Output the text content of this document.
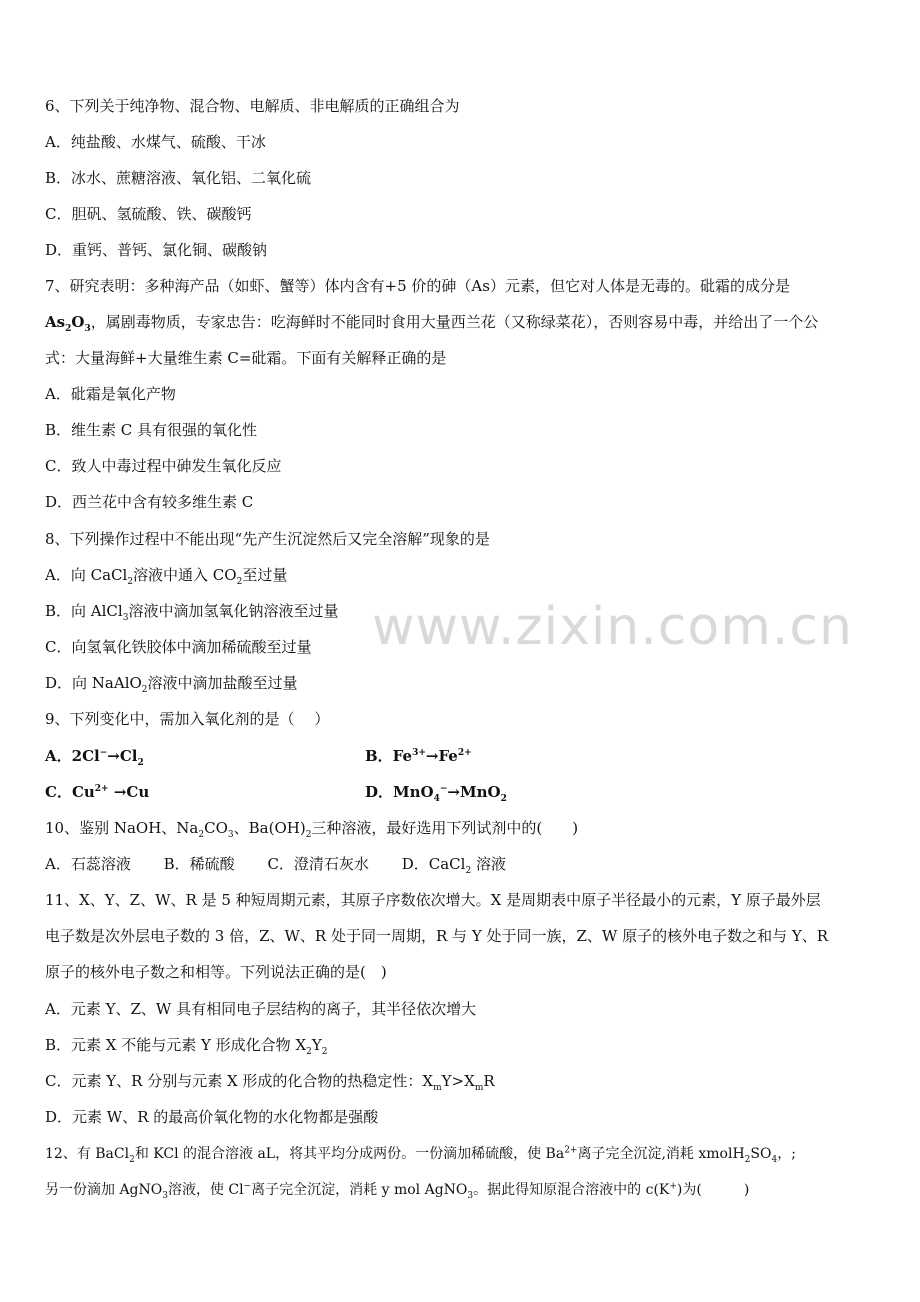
www.zixin.com.cn
6、下列关于纯净物、混合物、电解质、非电解质的正确组合为
A．纯盐酸、水煤气、硫酸、干冰
B．冰水、蔗糖溶液、氧化铝、二氧化硫
C．胆矾、氢硫酸、铁、碳酸钙
D．重钙、普钙、氯化铜、碳酸钠
7、研究表明：多种海产品（如虾、蟹等）体内含有+5 价的砷（As）元素，但它对人体是无毒的。砒霜的成分是
$As_2O_3$，属剧毒物质，专家忠告：吃海鲜时不能同时食用大量西兰花（又称绿菜花），否则容易中毒，并给出了一个公
式：大量海鲜+大量维生素 C=砒霜。下面有关解释正确的是
A．砒霜是氧化产物
B．维生素 C 具有很强的氧化性
C．致人中毒过程中砷发生氧化反应
D．西兰花中含有较多维生素 C
8、下列操作过程中不能出现“先产生沉淀然后又完全溶解”现象的是
A．向 CaCl$_2$溶液中通入 $CO_2$至过量
B．向 AlCl$_3$溶液中滴加氢氧化钠溶液至过量
C．向氢氧化铁胶体中滴加稀硫酸至过量
D．向 NaAlO$_2$溶液中滴加盐酸至过量
9、下列变化中，需加入氧化剂的是（　 ）
A．$2Cl^-\to Cl_2$	B．$Fe^{3+}\to Fe^{2+}$
C．$Cu^{2+} \to Cu$	D．MnO$_4$−→MnO$_2$
10、鉴别 NaOH、$Na_2CO_3$、$Ba(OH)_2$三种溶液，最好选用下列试剂中的(　　)
A．石蕊溶液 B．稀硫酸 C．澄清石灰水 D．CaCl$_2$ 溶液
11、X、Y、Z、W、R 是 5 种短周期元素，其原子序数依次增大。X 是周期表中原子半径最小的元素，Y 原子最外层
电子数是次外层电子数的 3 倍，Z、W、R 处于同一周期，R 与 Y 处于同一族，Z、W 原子的核外电子数之和与 Y、R
原子的核外电子数之和相等。下列说法正确的是(　)
A．元素 Y、Z、W 具有相同电子层结构的离子，其半径依次增大
B．元素 X 不能与元素 Y 形成化合物 $X_2Y_2$
C．元素 Y、R 分别与元素 X 形成的化合物的热稳定性：$X_mY>X_mR$
D．元素 W、R 的最高价氧化物的水化物都是强酸
12、有 BaCl$_2$和 KCl 的混合溶液 aL，将其平均分成两份。一份滴加稀硫酸，使 $Ba^{2+}$离子完全沉淀,消耗 $xmolH_2SO_4$，;
另一份滴加 AgNO$_3$溶液，使 Cl−离子完全沉淀，消耗 y mol AgNO$_3$。据此得知原混合溶液中的 c(K+)为(　　　)
